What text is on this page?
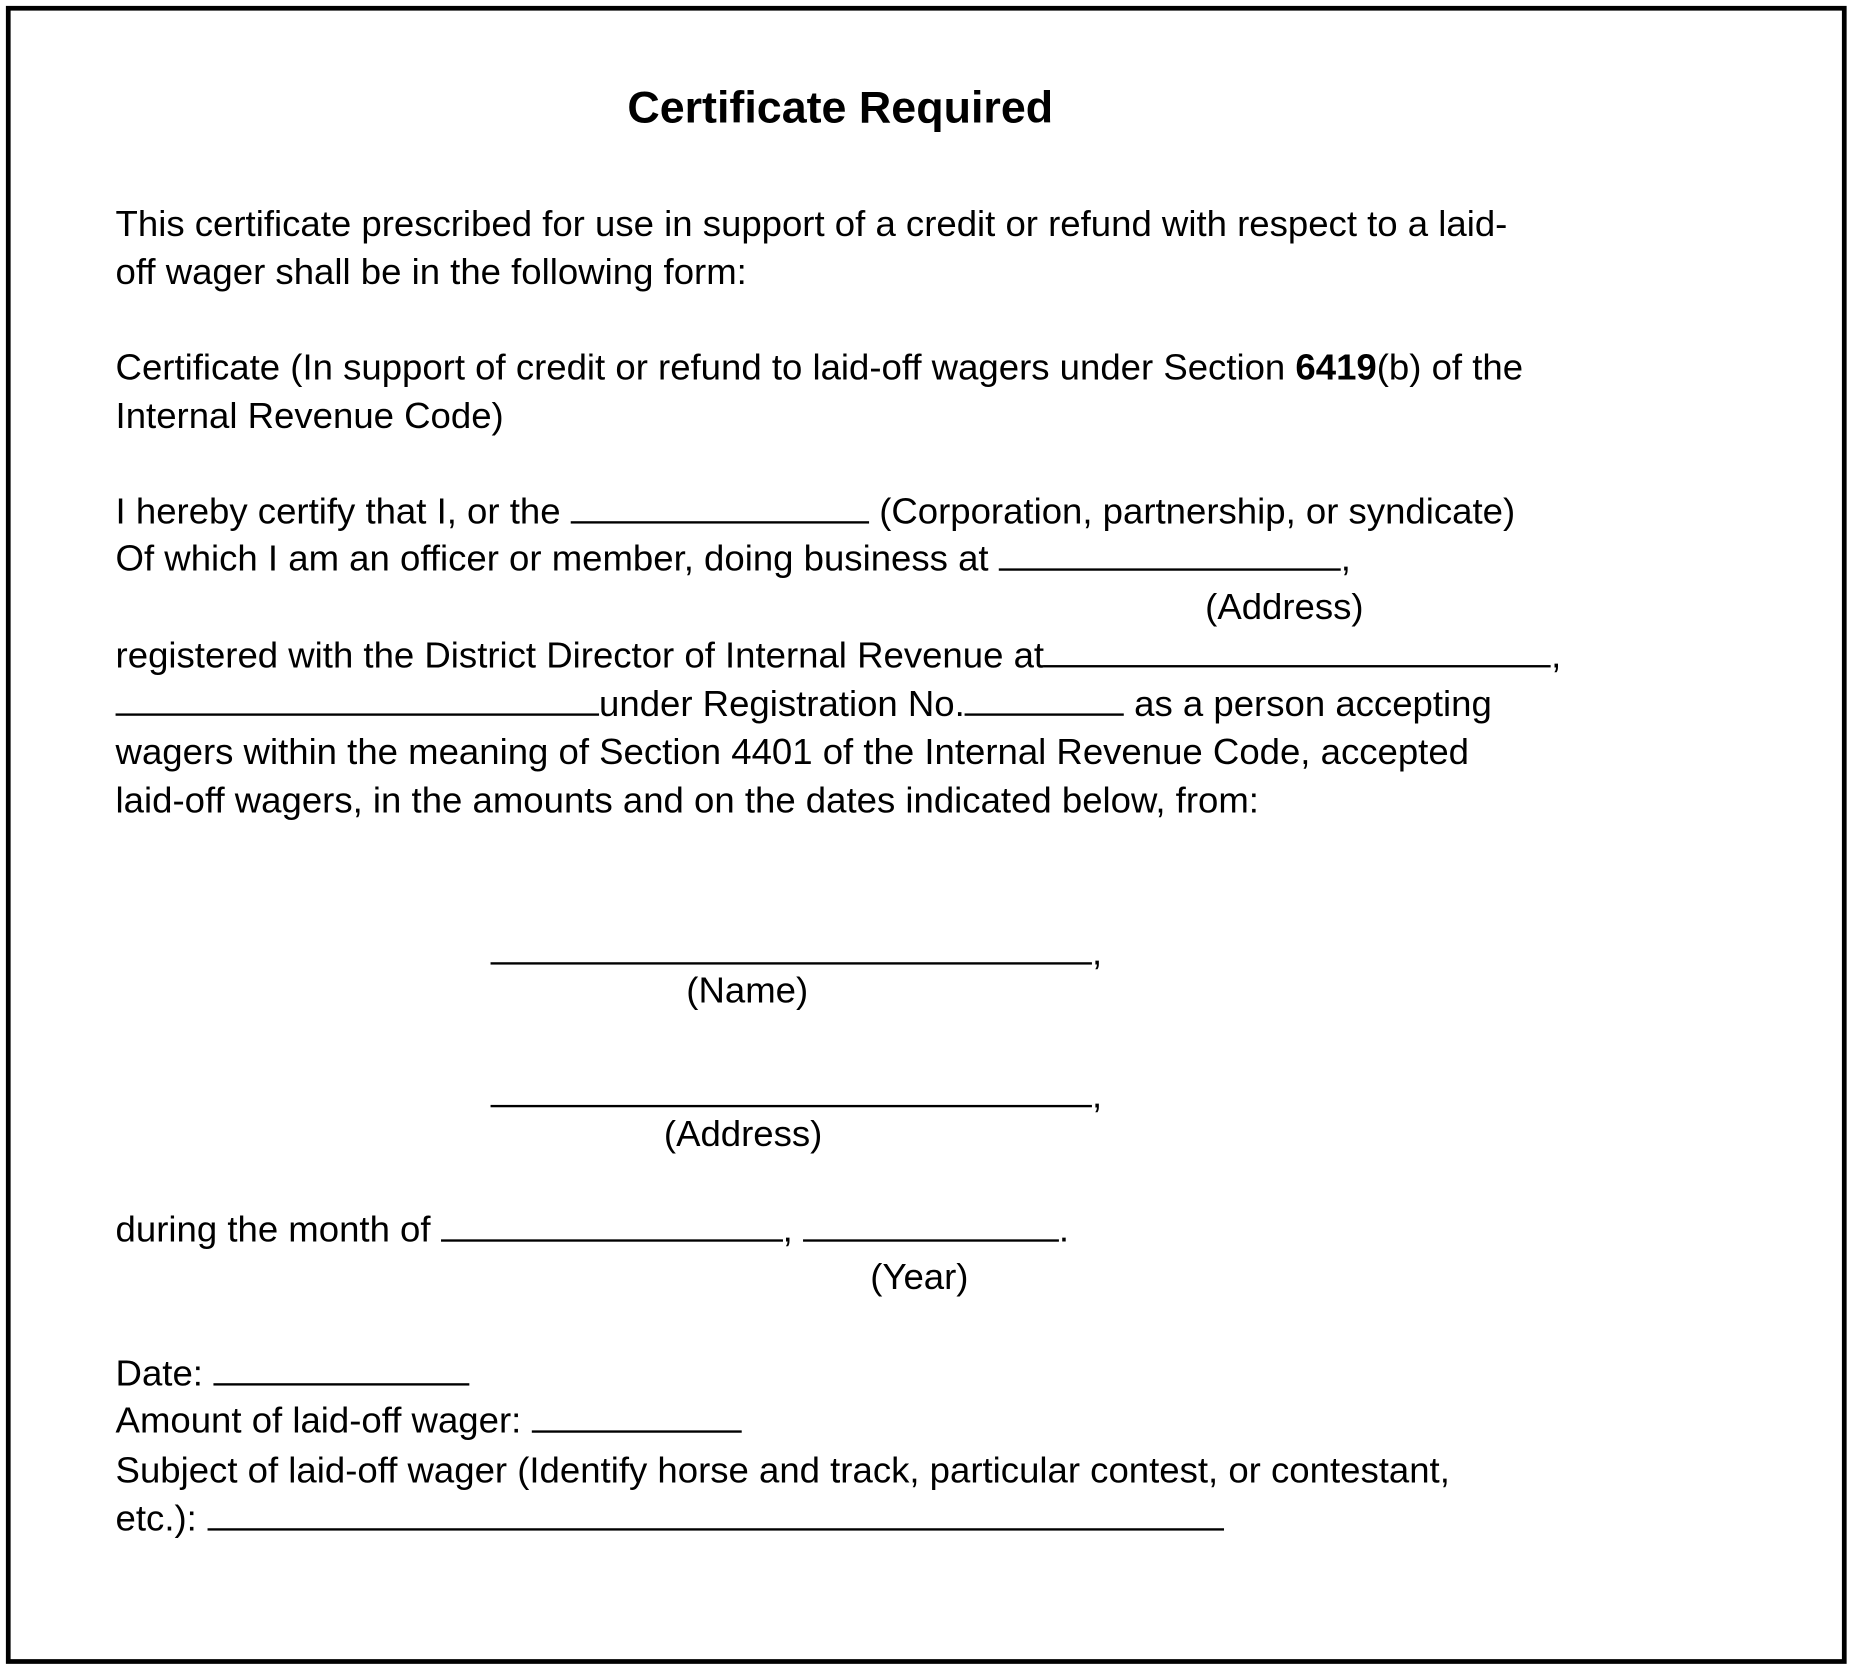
Certificate Required
This certificate prescribed for use in support of a credit or refund with respect to a laid-
off wager shall be in the following form:
Certificate (In support of credit or refund to laid-off wagers under Section 6419(b) of the
Internal Revenue Code)
I hereby certify that I, or the	(Corporation, partnership, or syndicate)
Of which I am an officer or member, doing business at	,
(Address)
registered with the District Director of Internal Revenue at	,
under Registration No.	as a person accepting
wagers within the meaning of Section 4401 of the Internal Revenue Code, accepted
laid-off wagers, in the amounts and on the dates indicated below, from:
,
(Name)
,
(Address)
during the month of	,	.
(Year)
Date:
Amount of laid-off wager:
Subject of laid-off wager (Identify horse and track, particular contest, or contestant,
etc.):
